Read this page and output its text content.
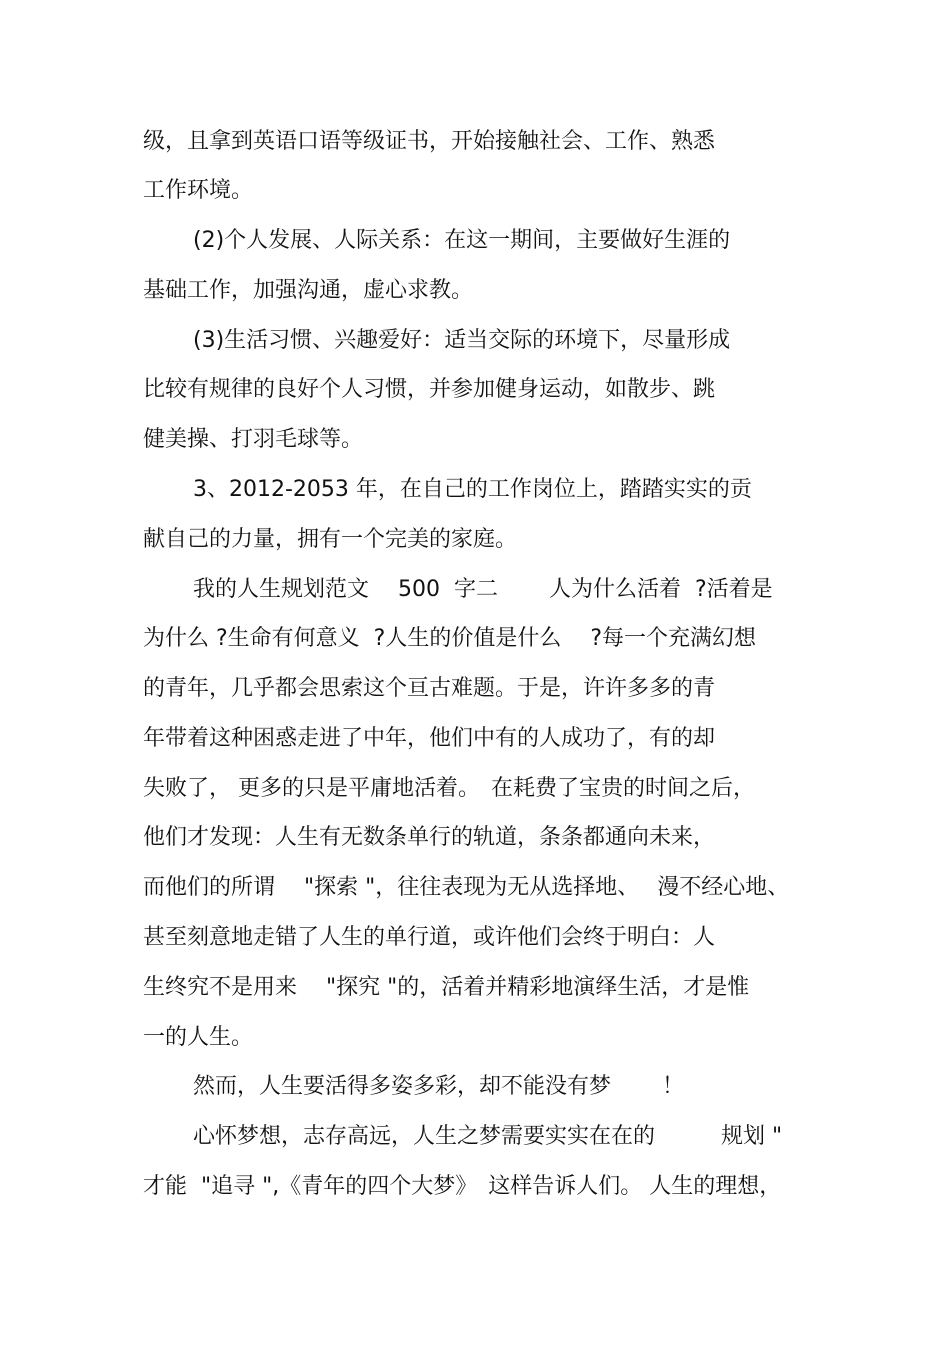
级，且拿到英语口语等级证书，开始接触社会、工作、熟悉

工作环境。

(2)个人发展、人际关系：在这一期间，主要做好生涯的

基础工作，加强沟通，虚心求教。

(3)生活习惯、兴趣爱好：适当交际的环境下，尽量形成

比较有规律的良好个人习惯，并参加健身运动，如散步、跳

健美操、打羽毛球等。

3、2012-2053 年，在自己的工作岗位上，踏踏实实的贡

献自己的力量，拥有一个完美的家庭。

我的人生规划范文　 500  字二　　 人为什么活着  ?活着是

为什么 ?生命有何意义  ?人生的价值是什么　 ?每一个充满幻想

的青年，几乎都会思索这个亘古难题。于是，许许多多的青

年带着这种困惑走进了中年，他们中有的人成功了，有的却

失败了， 更多的只是平庸地活着。　在耗费了宝贵的时间之后，

他们才发现：人生有无数条单行的轨道，条条都通向未来，

而他们的所谓　 "探索 "，往往表现为无从选择地、　 漫不经心地、

甚至刻意地走错了人生的单行道，或许他们会终于明白：人

生终究不是用来　 "探究 "的，活着并精彩地演绎生活，才是惟

一的人生。

然而，人生要活得多姿多彩，却不能没有梦　　 ！

心怀梦想，志存高远，人生之梦需要实实在在的　　　规划 "

才能  "追寻 ",《青年的四个大梦》　这样告诉人们。 人生的理想，
